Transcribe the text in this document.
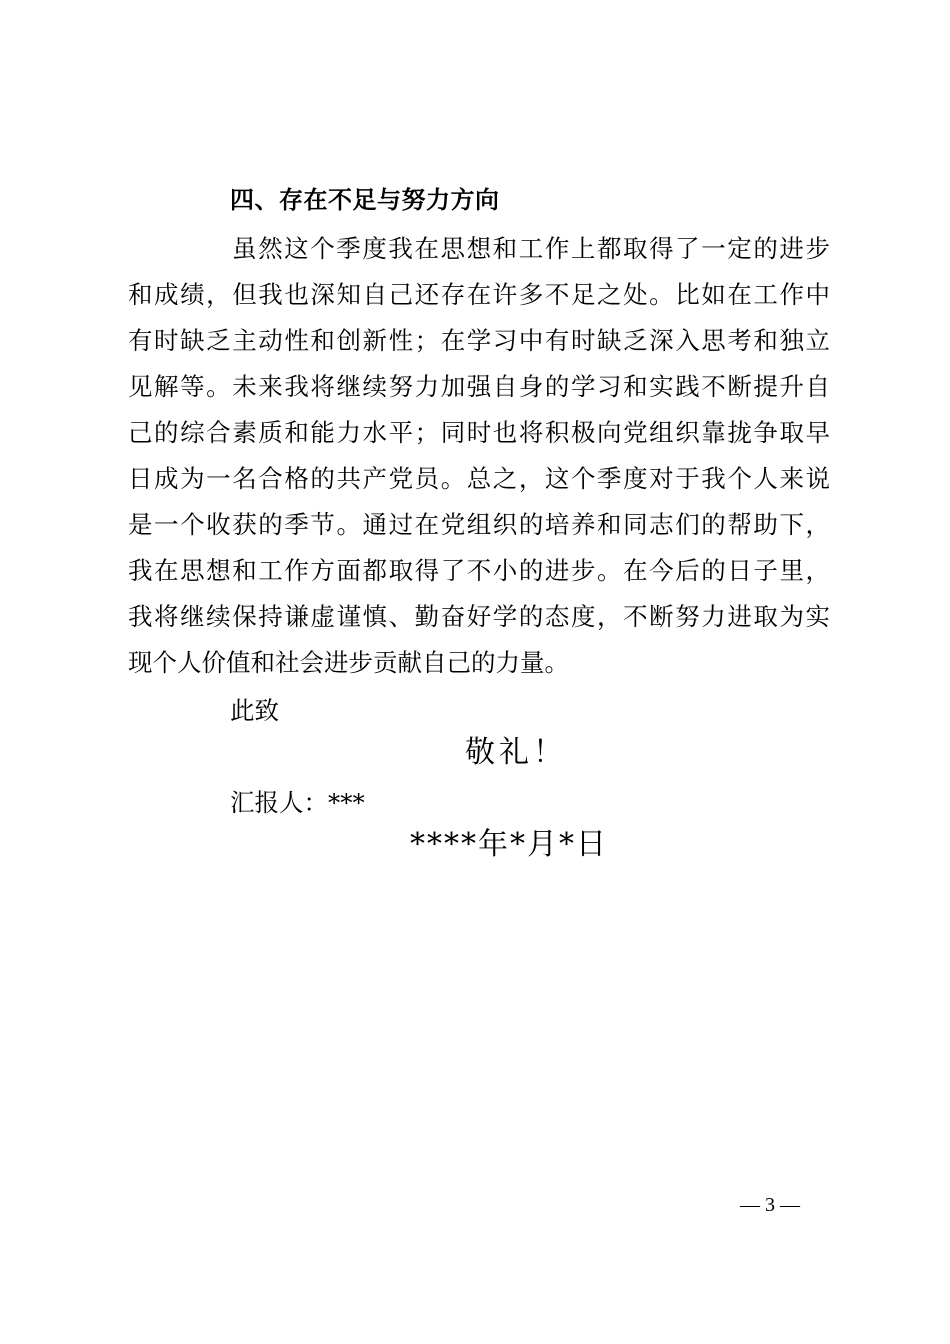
四、存在不足与努力方向
虽然这个季度我在思想和工作上都取得了一定的进步
和成绩，但我也深知自己还存在许多不足之处。比如在工作中
有时缺乏主动性和创新性；在学习中有时缺乏深入思考和独立
见解等。未来我将继续努力加强自身的学习和实践不断提升自
己的综合素质和能力水平；同时也将积极向党组织靠拢争取早
日成为一名合格的共产党员。总之，这个季度对于我个人来说
是一个收获的季节。通过在党组织的培养和同志们的帮助下，
我在思想和工作方面都取得了不小的进步。在今后的日子里，
我将继续保持谦虚谨慎、勤奋好学的态度，不断努力进取为实
现个人价值和社会进步贡献自己的力量。
此致
敬礼！
汇报人：***
****年*月*日
— 3 —
